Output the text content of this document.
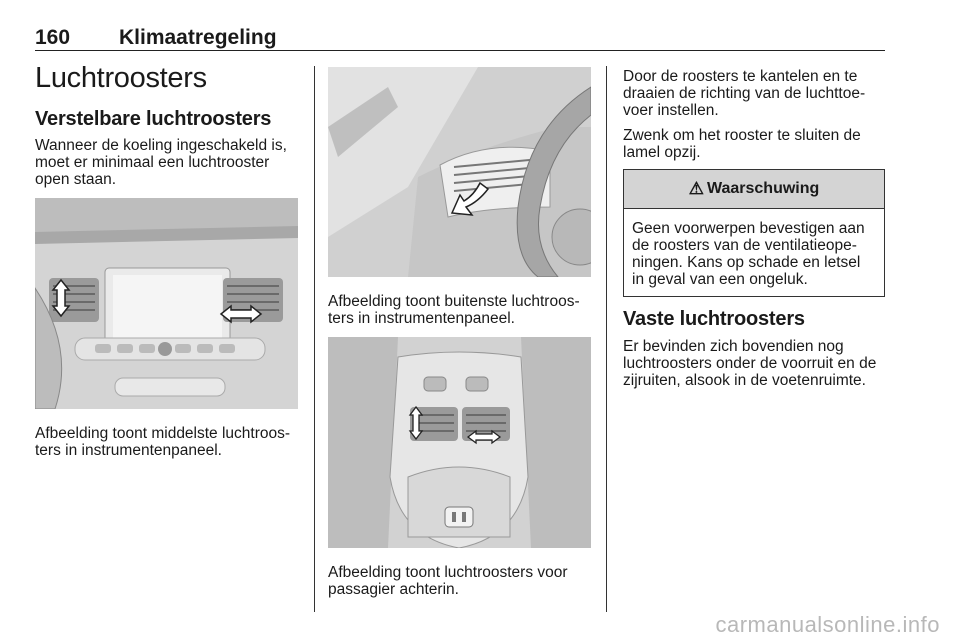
160 Klimaatregeling
Luchtroosters
Verstelbare luchtroosters
Wanneer de koeling ingeschakeld is,
moet er minimaal een luchtrooster
open staan.
Afbeelding toont middelste luchtroos-
ters in instrumentenpaneel.
Afbeelding toont buitenste luchtroos-
ters in instrumentenpaneel.
Afbeelding toont luchtroosters voor
passagier achterin.
Door de roosters te kantelen en te
draaien de richting van de luchttoe-
voer instellen.
Zwenk om het rooster te sluiten de
lamel opzij.
⚠ Waarschuwing
Geen voorwerpen bevestigen aan
de roosters van de ventilatieope-
ningen. Kans op schade en letsel
in geval van een ongeluk.
Vaste luchtroosters
Er bevinden zich bovendien nog
luchtroosters onder de voorruit en de
zijruiten, alsook in de voetenruimte.
carmanualsonline.info
